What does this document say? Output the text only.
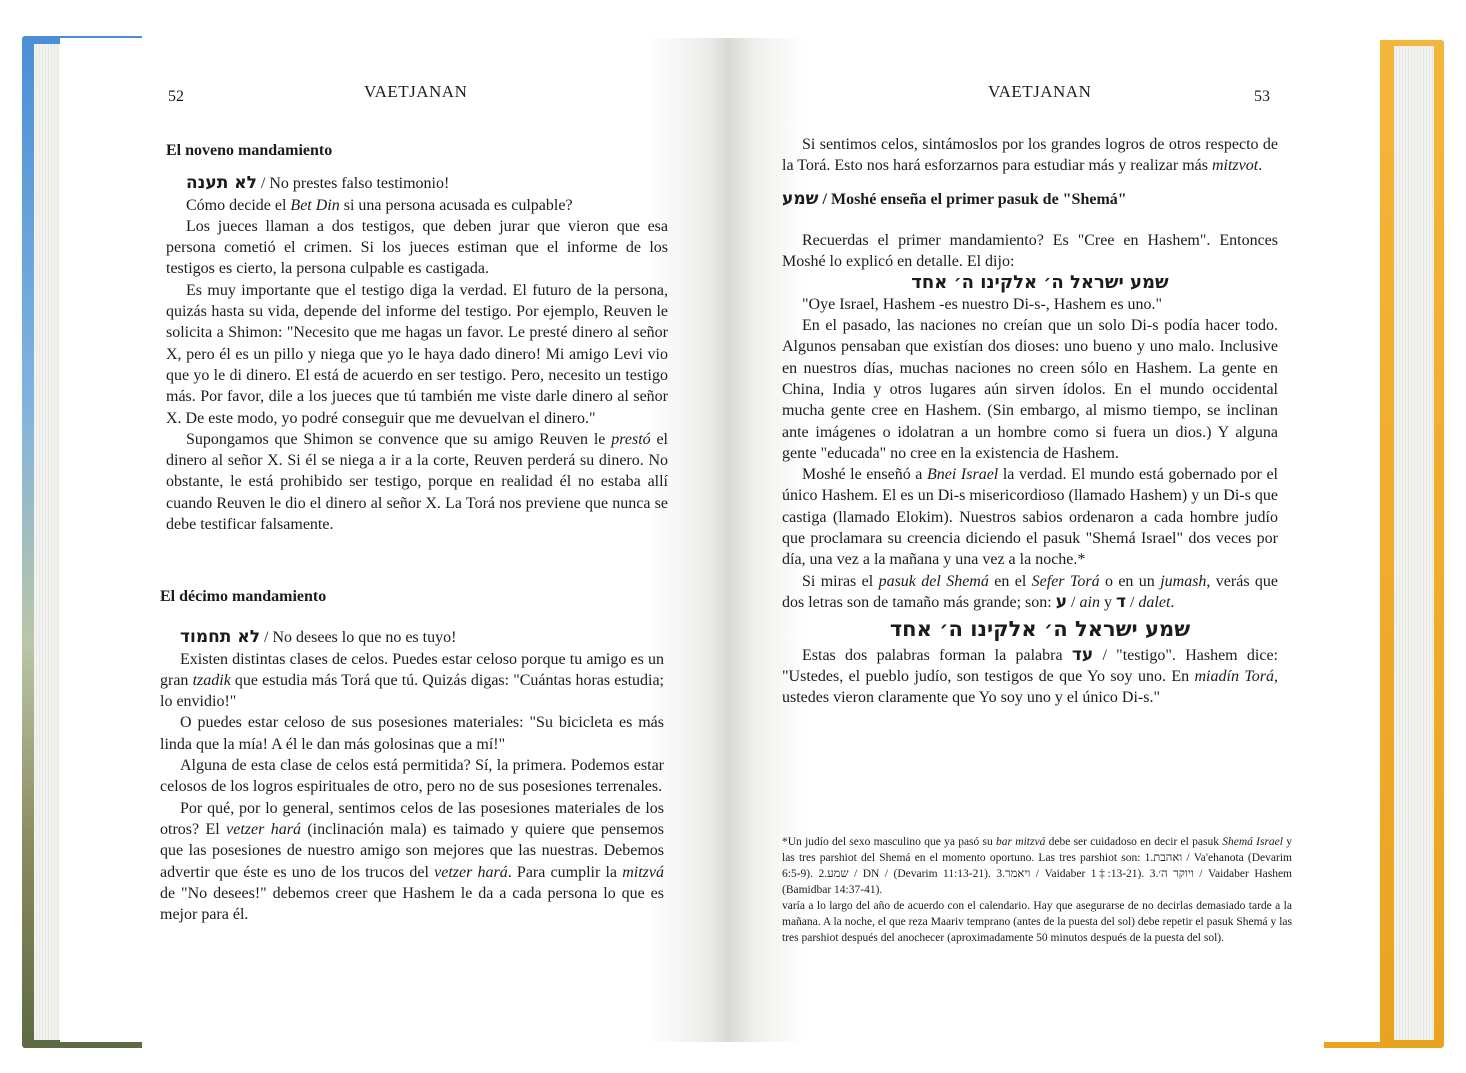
52	VAETJANAN
El noveno mandamiento

לא תענה / No prestes falso testimonio!

Cómo decide el Bet Din si una persona acusada es culpable?

Los jueces llaman a dos testigos, que deben jurar que vieron que esa persona cometió el crimen. Si los jueces estiman que el informe de los testigos es cierto, la persona culpable es castigada.

Es muy importante que el testigo diga la verdad. El futuro de la persona, quizás hasta su vida, depende del informe del testigo. Por ejemplo, Reuven le solicita a Shimon: "Necesito que me hagas un favor. Le presté dinero al señor X, pero él es un pillo y niega que yo le haya dado dinero! Mi amigo Levi vio que yo le di dinero. El está de acuerdo en ser testigo. Pero, necesito un testigo más. Por favor, dile a los jueces que tú también me viste darle dinero al señor X. De este modo, yo podré conseguir que me devuelvan el dinero."

Supongamos que Shimon se convence que su amigo Reuven le prestó el dinero al señor X. Si él se niega a ir a la corte, Reuven perderá su dinero. No obstante, le está prohibido ser testigo, porque en realidad él no estaba allí cuando Reuven le dio el dinero al señor X. La Torá nos previene que nunca se debe testificar falsamente.

El décimo mandamiento

לא תחמוד / No desees lo que no es tuyo!

Existen distintas clases de celos. Puedes estar celoso porque tu amigo es un gran tzadik que estudia más Torá que tú. Quizás digas: "Cuántas horas estudia; lo envidio!"

O puedes estar celoso de sus posesiones materiales: "Su bicicleta es más linda que la mía! A él le dan más golosinas que a mí!"

Alguna de esta clase de celos está permitida? Sí, la primera. Podemos estar celosos de los logros espirituales de otro, pero no de sus posesiones terrenales.

Por qué, por lo general, sentimos celos de las posesiones materiales de los otros? El vetzer hará (inclinación mala) es taimado y quiere que pensemos que las posesiones de nuestro amigo son mejores que las nuestras. Debemos advertir que éste es uno de los trucos del vetzer hará. Para cumplir la mitzvá de "No desees!" debemos creer que Hashem le da a cada persona lo que es mejor para él.

VAETJANAN	53

Si sentimos celos, sintámoslos por los grandes logros de otros respecto de la Torá. Esto nos hará esforzarnos para estudiar más y realizar más mitzvot.

שמע / Moshé enseña el primer pasuk de "Shemá"

Recuerdas el primer mandamiento? Es "Cree en Hashem". Entonces Moshé lo explicó en detalle. El dijo:

שמע ישראל ה׳ אלקינו ה׳ אחד

"Oye Israel, Hashem -es nuestro Di-s-, Hashem es uno."

En el pasado, las naciones no creían que un solo Di-s podía hacer todo. Algunos pensaban que existían dos dioses: uno bueno y uno malo. Inclusive en nuestros días, muchas naciones no creen sólo en Hashem. La gente en China, India y otros lugares aún sirven ídolos. En el mundo occidental mucha gente cree en Hashem. (Sin embargo, al mismo tiempo, se inclinan ante imágenes o idolatran a un hombre como si fuera un dios.) Y alguna gente "educada" no cree en la existencia de Hashem.

Moshé le enseñó a Bnei Israel la verdad. El mundo está gobernado por el único Hashem. El es un Di-s misericordioso (llamado Hashem) y un Di-s que castiga (llamado Elokim). Nuestros sabios ordenaron a cada hombre judío que proclamara su creencia diciendo el pasuk "Shemá Israel" dos veces por día, una vez a la mañana y una vez a la noche.*

Si miras el pasuk del Shemá en el Sefer Torá o en un jumash, verás que dos letras son de tamaño más grande; son: ע / ain y ד / dalet.

שמע ישראל ה׳ אלקינו ה׳ אחד

Estas dos palabras forman la palabra עד / "testigo". Hashem dice: "Ustedes, el pueblo judío, son testigos de que Yo soy uno. En miadín Torá, ustedes vieron claramente que Yo soy uno y el único Di-s."

*Un judío del sexo masculino que ya pasó su bar mitzvá debe ser cuidadoso en decir el pasuk Shemá Israel y las tres parshiot del Shemá en el momento oportuno. Las tres parshiot son: 1.ואהבת / Va'ehanota (Devarim 6:5-9). 2.שמע / DN / (Devarim 11:13-21). 3.ויאמר / Vaidaber 1‡:13-21). 3.ויוקר ה׳ / Vaidaber Hashem (Bamidbar 14:37-41).

varía a lo largo del año de acuerdo con el calendario. Hay que asegurarse de no decirlas demasiado tarde a la mañana. A la noche, el que reza Maariv temprano (antes de la puesta del sol) debe repetir el pasuk Shemá y las tres parshiot después del anochecer (aproximadamente 50 minutos después de la puesta del sol).
